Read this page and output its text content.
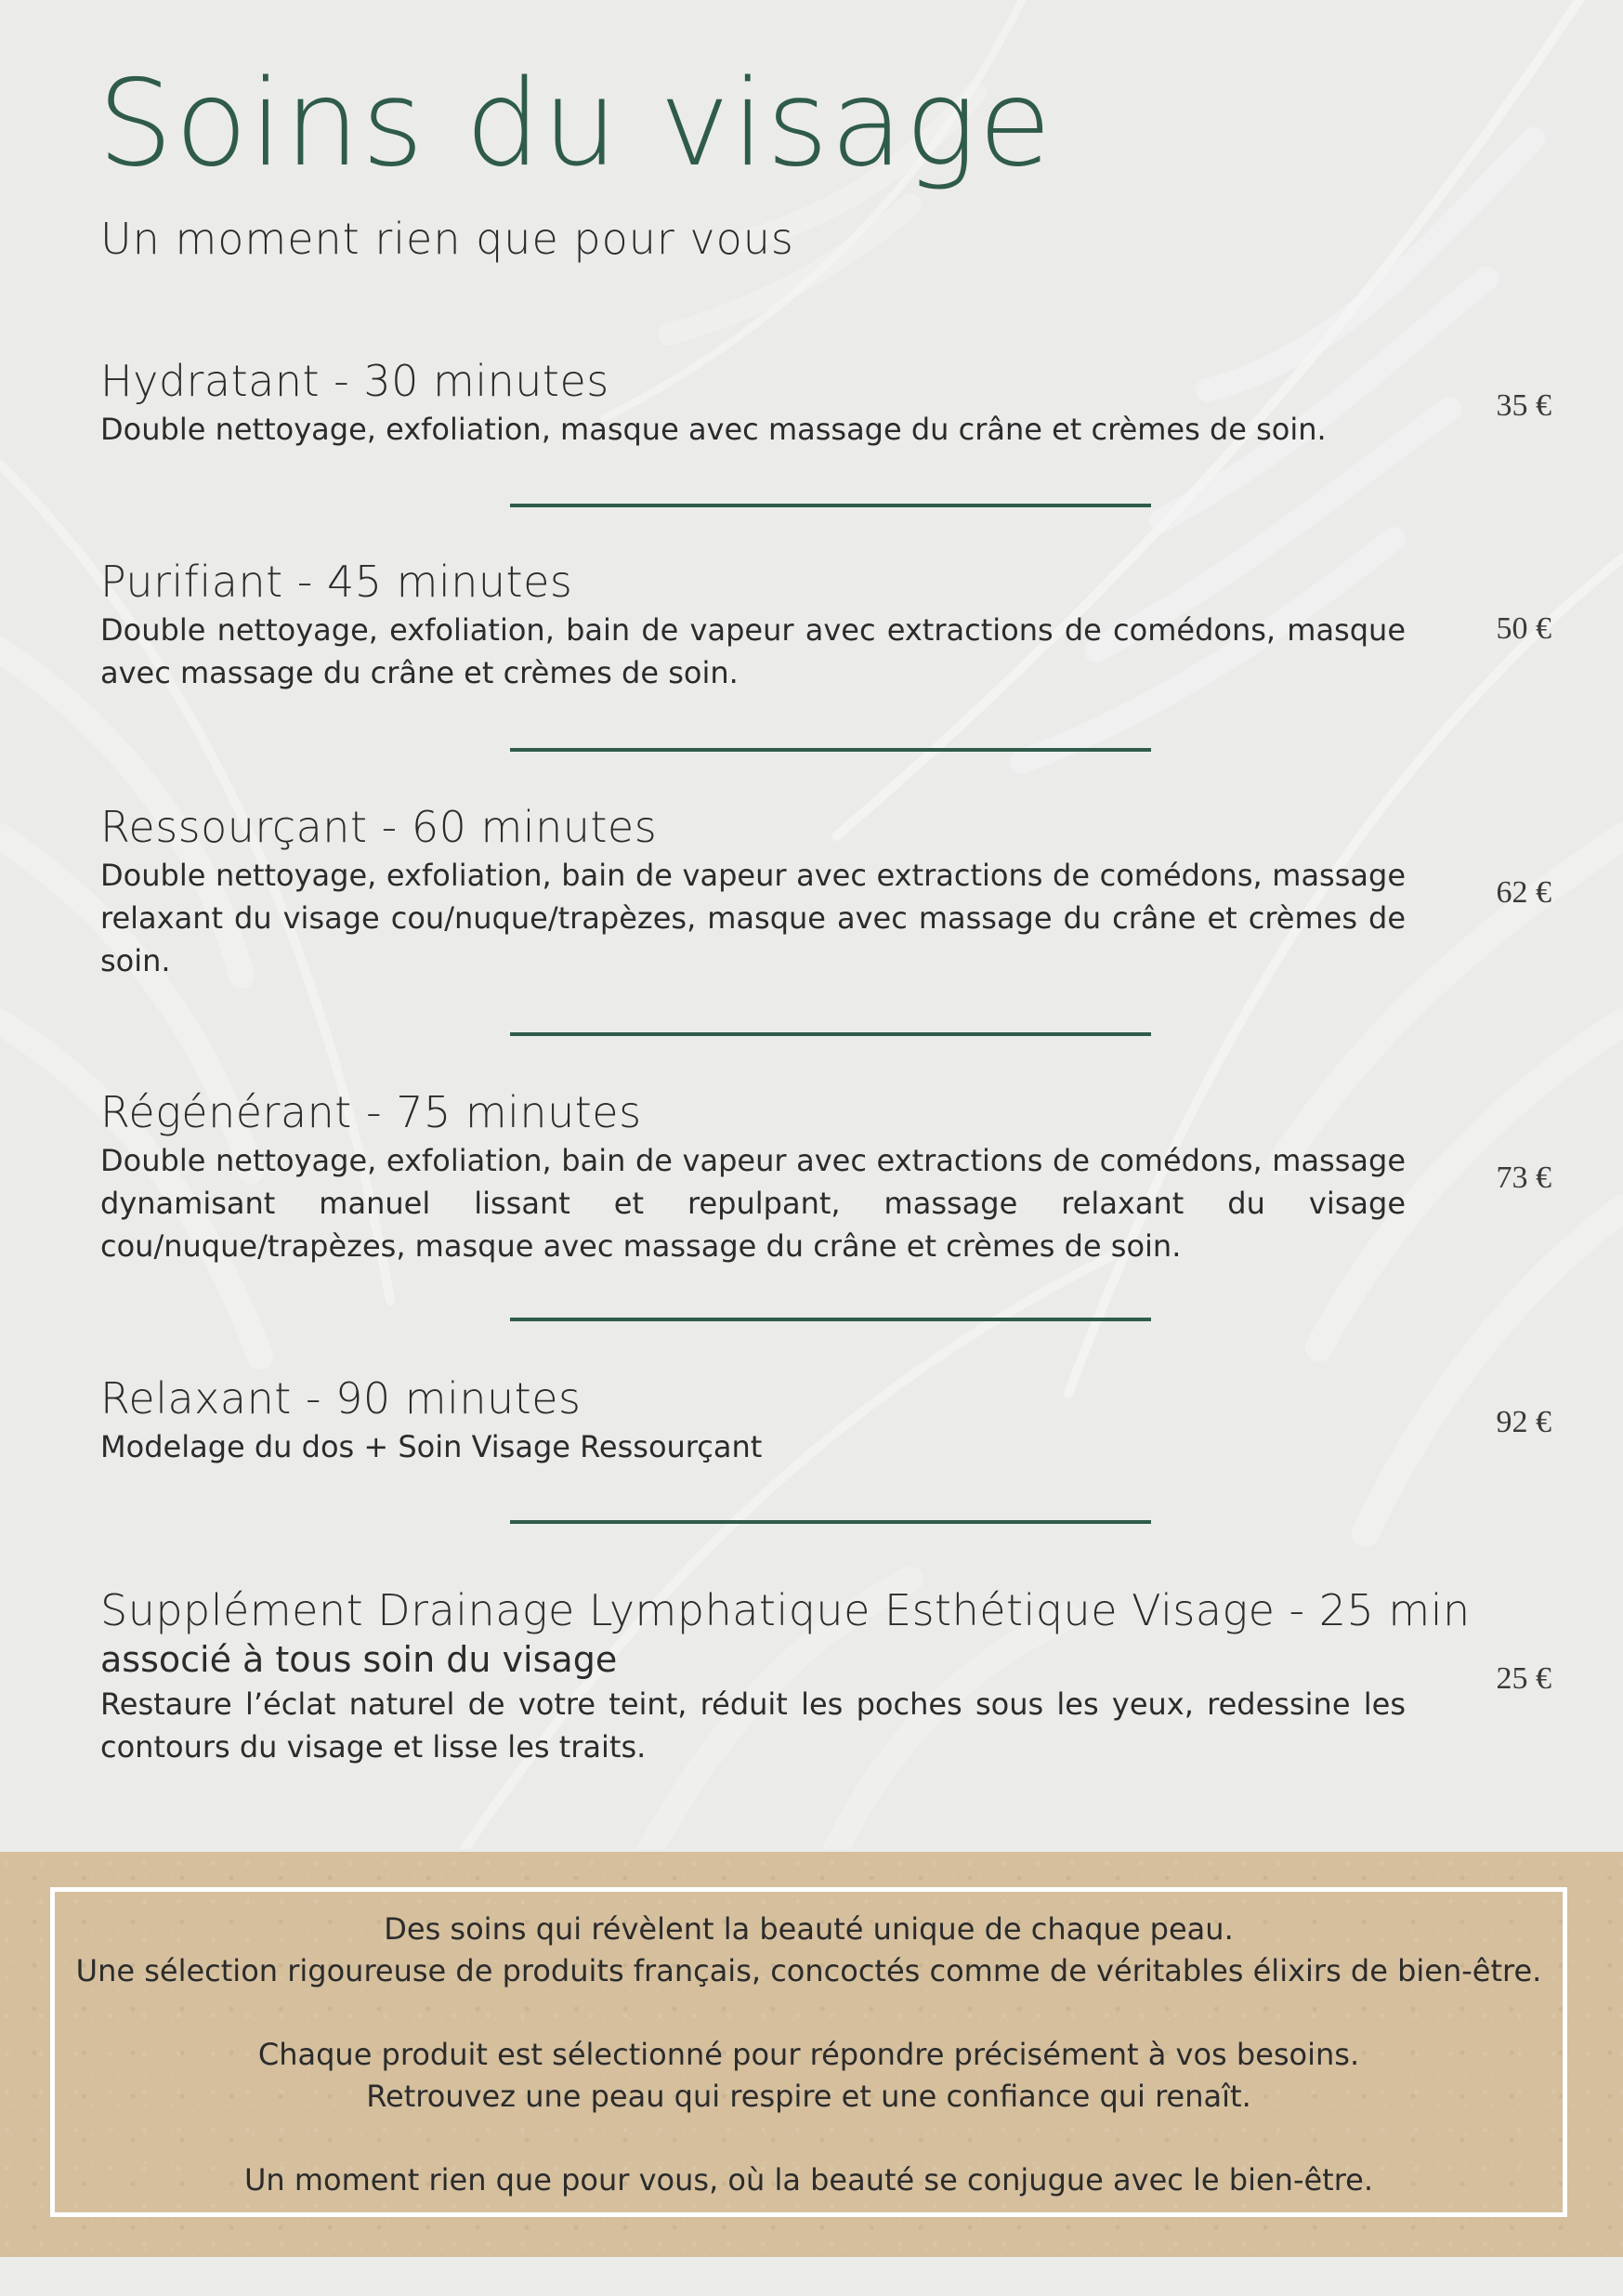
Soins du visage
Un moment rien que pour vous
Hydratant - 30 minutes
Double nettoyage, exfoliation, masque avec massage du crâne et crèmes de soin.
35 €
Purifiant - 45 minutes
Double nettoyage, exfoliation, bain de vapeur avec extractions de comédons, masque avec massage du crâne et crèmes de soin.
50 €
Ressourçant - 60 minutes
Double nettoyage, exfoliation, bain de vapeur avec extractions de comédons, massage relaxant du visage cou/nuque/trapèzes, masque avec massage du crâne et crèmes de soin.
62 €
Régénérant - 75 minutes
Double nettoyage, exfoliation, bain de vapeur avec extractions de comédons, massage dynamisant manuel lissant et repulpant, massage relaxant du visage cou/nuque/trapèzes, masque avec massage du crâne et crèmes de soin.
73 €
Relaxant - 90 minutes
Modelage du dos + Soin Visage Ressourçant
92 €
Supplément Drainage Lymphatique Esthétique Visage - 25 min
associé à tous soin du visage
Restaure l’éclat naturel de votre teint, réduit les poches sous les yeux, redessine les contours du visage et lisse les traits.
25 €
Des soins qui révèlent la beauté unique de chaque peau.
Une sélection rigoureuse de produits français, concoctés comme de véritables élixirs de bien-être.
Chaque produit est sélectionné pour répondre précisément à vos besoins.
Retrouvez une peau qui respire et une confiance qui renaît.
Un moment rien que pour vous, où la beauté se conjugue avec le bien-être.
